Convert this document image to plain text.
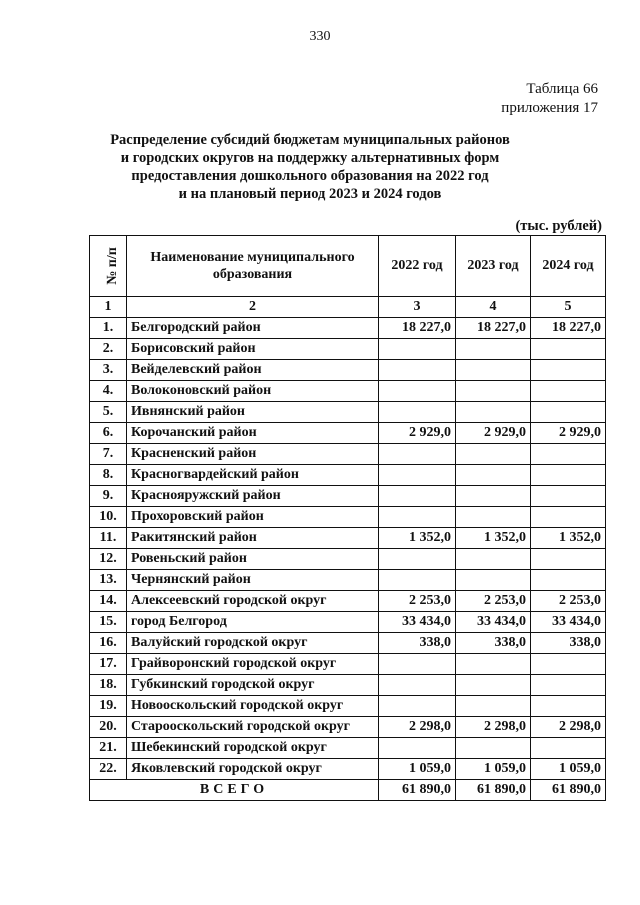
330
Таблица 66
приложения 17
Распределение субсидий бюджетам муниципальных районов
и городских округов на поддержку альтернативных форм
предоставления дошкольного образования на 2022 год
и на плановый период 2023 и 2024 годов
(тыс. рублей)
№ п/п	Наименование муниципального образования	2022 год	2023 год	2024 год
1	2	3	4	5
1.	Белгородский район	18 227,0	18 227,0	18 227,0
2.	Борисовский район			
3.	Вейделевский район			
4.	Волоконовский район			
5.	Ивнянский район			
6.	Корочанский район	2 929,0	2 929,0	2 929,0
7.	Красненский район			
8.	Красногвардейский район			
9.	Краснояружский район			
10.	Прохоровский район			
11.	Ракитянский район	1 352,0	1 352,0	1 352,0
12.	Ровеньский район			
13.	Чернянский район			
14.	Алексеевский городской округ	2 253,0	2 253,0	2 253,0
15.	город Белгород	33 434,0	33 434,0	33 434,0
16.	Валуйский городской округ	338,0	338,0	338,0
17.	Грайворонский городской округ			
18.	Губкинский городской округ			
19.	Новооскольский городской округ			
20.	Старооскольский городской округ	2 298,0	2 298,0	2 298,0
21.	Шебекинский городской округ			
22.	Яковлевский городской округ	1 059,0	1 059,0	1 059,0
ВСЕГО		61 890,0	61 890,0	61 890,0
